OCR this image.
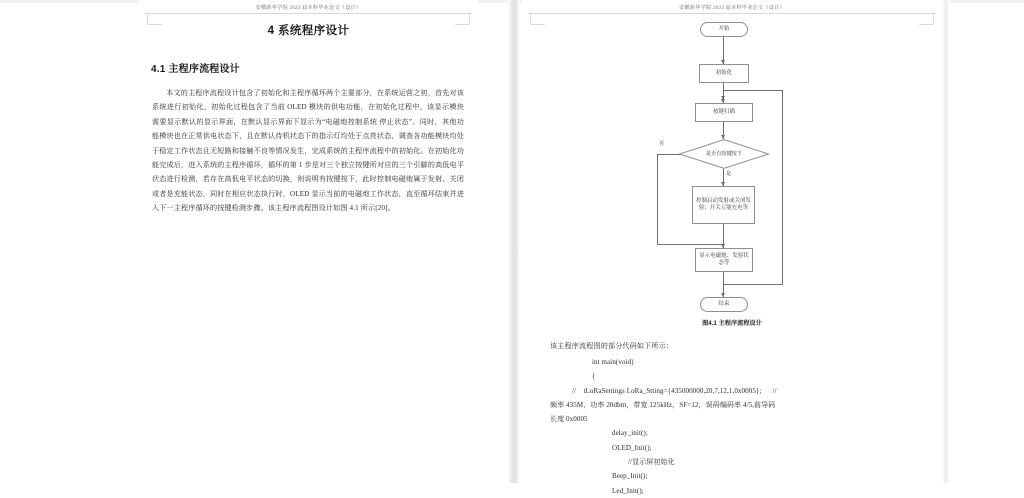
安徽新华学院 2023 届本科毕业论文（设计）
4 系统程序设计
4.1 主程序流程设计

本文的主程序流程设计包含了初始化和主程序循环两个主要部分，在系统运营之初，首先对该系统进行初始化，初始化过程包含了当前 OLED 模块的供电功能，在初始化过程中，该显示模块需要显示默认的显示界面，在默认显示界面下显示为“电磁炮控制系统 停止状态”。同时，其他功能模块也在正常供电状态下，且在默认待机状态下的指示灯均处于点亮状态，调查各功能模块均处于稳定工作状态且无短路和接触不良等情况发生，完成系统的主程序流程中的初始化。在初始化功能完成后，进入系统的主程序循环，循环的第 1 步是对三个独立按键所对应的三个引脚的高低电平状态进行检测，若存在高低电平状态的切换，则说明有按键按下，此时控制电磁炮属于发射、关闭或者是充能状态，同时在相应状态执行时，OLED 显示当前的电磁炮工作状态，直至循环结束并进入下一主程序循环的按键检测步骤。该主程序流程图设计如图 4.1 所示[20]。

安徽新华学院 2023 届本科毕业论文（设计）
开始
初始化
按键扫描
是否有按键按下
否
是
控制启动发射或关闭发射；开关万能充电等
显示电磁炮、发射状态等
结束
图4.1 主程序流程设计
该主程序流程图的部分代码如下所示：
int main(void)
{
//    tLoRaSettings LoRa_Stting={435000000,20,7,12,1,0x0005};      //
频率 435M，功率 20dbm，带宽 125kHz，SF=12，误码编码率 4/5,前导码
长度 0x0005
delay_init();
OLED_Init();
//显示屏初始化
Beep_Init();
Led_Init();
